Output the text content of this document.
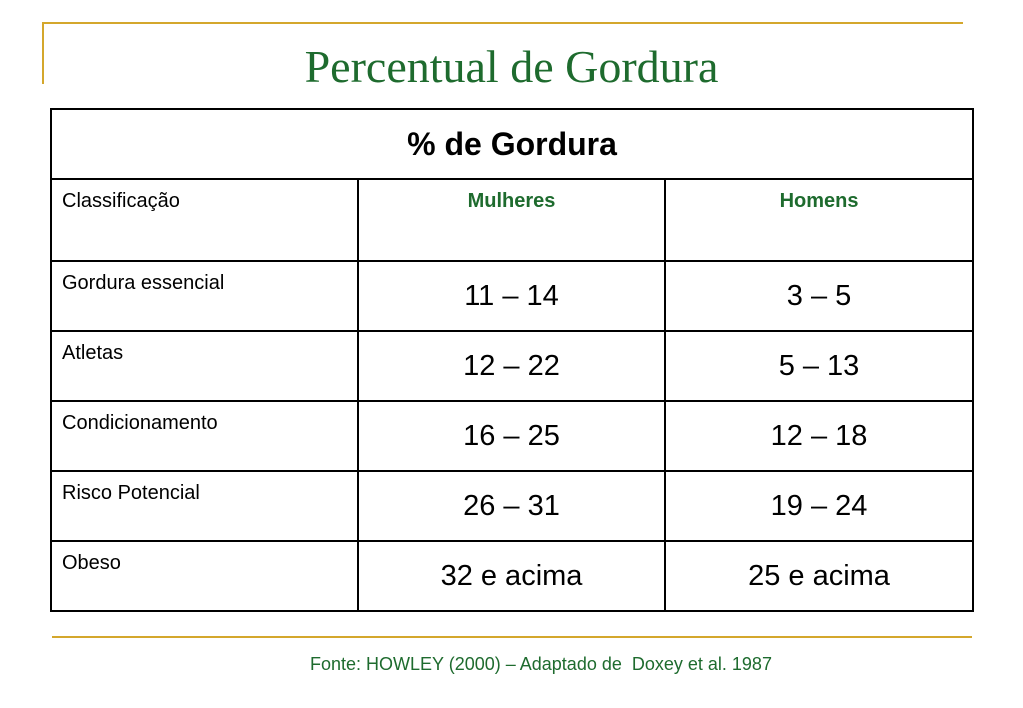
Percentual de Gordura
% de Gordura		
Classificação	Mulheres	Homens
Gordura essencial	11 – 14	3 – 5
Atletas	12 – 22	5 – 13
Condicionamento	16 – 25	12 – 18
Risco Potencial	26 – 31	19 – 24
Obeso	32 e acima	25 e acima
Fonte: HOWLEY (2000) – Adaptado de  Doxey et al. 1987
